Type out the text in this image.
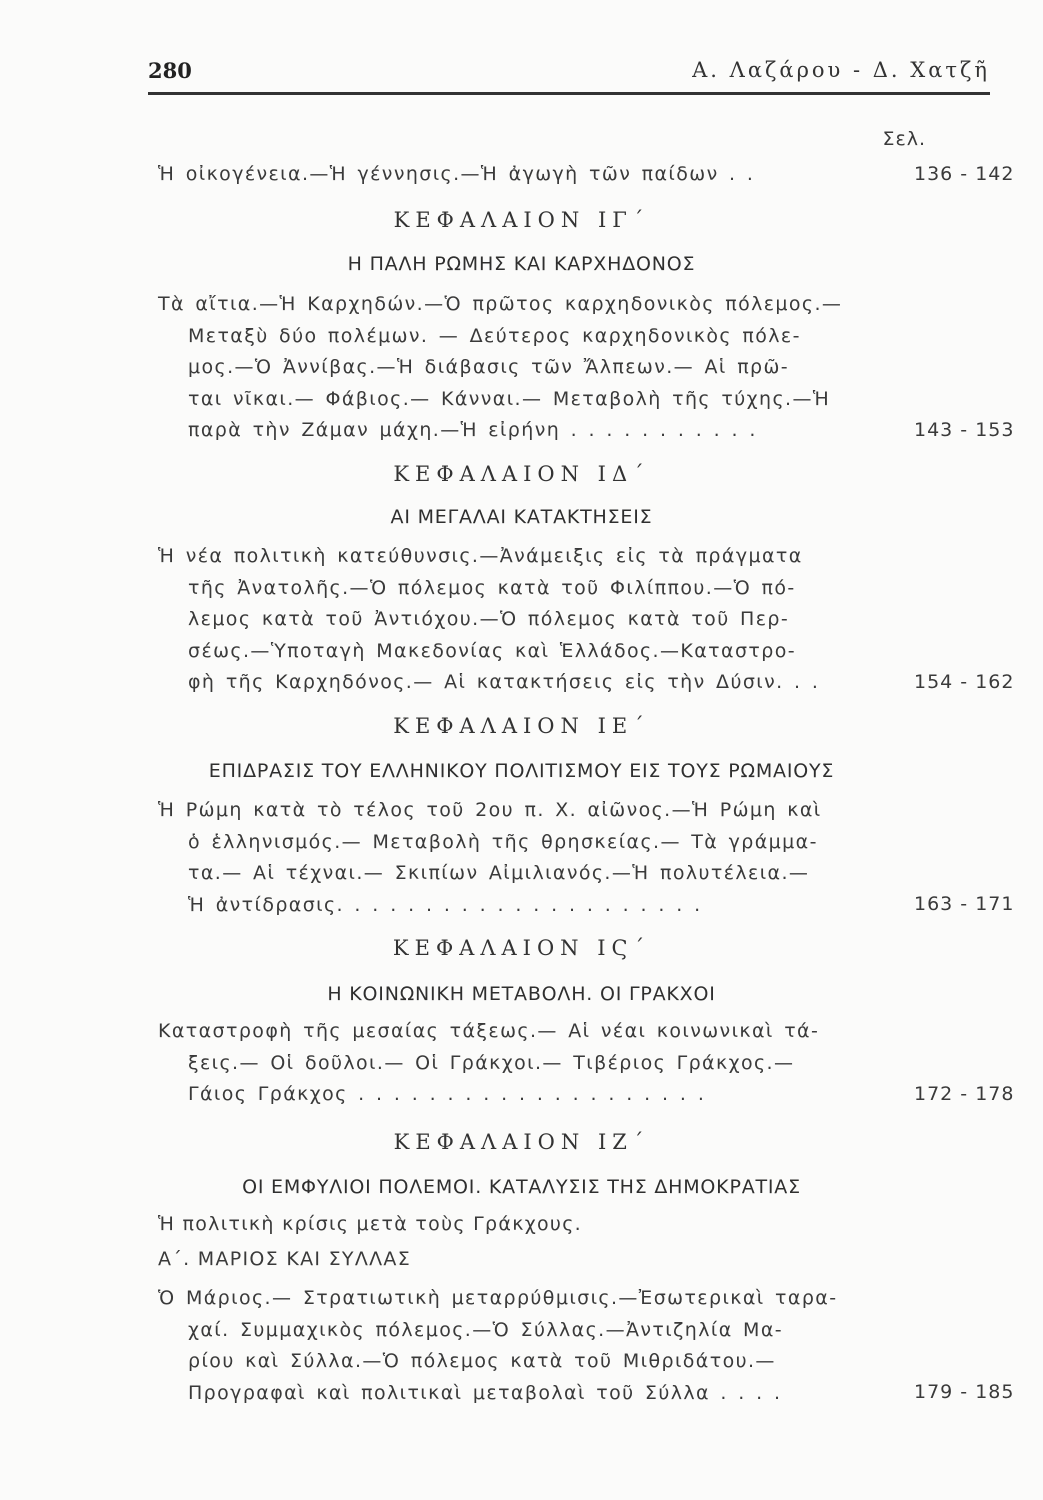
280	Α. Λαζάρου - Δ. Χατζῆ
Σελ.
Ἡ οἰκογένεια.—Ἡ γέννησις.—Ἡ ἀγωγὴ τῶν παίδων . .	136 - 142
ΚΕΦΑΛΑΙΟΝ ΙΓ΄
Η ΠΑΛΗ ΡΩΜΗΣ ΚΑΙ ΚΑΡΧΗΔΟΝΟΣ
Τὰ αἴτια.—Ἡ Καρχηδών.—Ὁ πρῶτος καρχηδονικὸς πόλεμος.—
Μεταξὺ δύο πολέμων. — Δεύτερος καρχηδονικὸς πόλε-
μος.—Ὁ Ἀννίβας.—Ἡ διάβασις τῶν Ἄλπεων.— Αἱ πρῶ-
ται νῖκαι.— Φάβιος.— Κάνναι.— Μεταβολὴ τῆς τύχης.—Ἡ
παρὰ τὴν Ζάμαν μάχη.—Ἡ εἰρήνη . . . . . . . . . . .	143 - 153
ΚΕΦΑΛΑΙΟΝ ΙΔ΄
ΑΙ ΜΕΓΑΛΑΙ ΚΑΤΑΚΤΗΣΕΙΣ
Ἡ νέα πολιτικὴ κατεύθυνσις.—Ἀνάμειξις εἰς τὰ πράγματα
τῆς Ἀνατολῆς.—Ὁ πόλεμος κατὰ τοῦ Φιλίππου.—Ὁ πό-
λεμος κατὰ τοῦ Ἀντιόχου.—Ὁ πόλεμος κατὰ τοῦ Περ-
σέως.—Ὑποταγὴ Μακεδονίας καὶ Ἑλλάδος.—Καταστρο-
φὴ τῆς Καρχηδόνος.— Αἱ κατακτήσεις εἰς τὴν Δύσιν. . .	154 - 162
ΚΕΦΑΛΑΙΟΝ ΙΕ΄
ΕΠΙΔΡΑΣΙΣ ΤΟΥ ΕΛΛΗΝΙΚΟΥ ΠΟΛΙΤΙΣΜΟΥ ΕΙΣ ΤΟΥΣ ΡΩΜΑΙΟΥΣ
Ἡ Ρώμη κατὰ τὸ τέλος τοῦ 2ου π. Χ. αἰῶνος.—Ἡ Ρώμη καὶ
ὁ ἑλληνισμός.— Μεταβολὴ τῆς θρησκείας.— Τὰ γράμμα-
τα.— Αἱ τέχναι.— Σκιπίων Αἰμιλιανός.—Ἡ πολυτέλεια.—
Ἡ ἀντίδρασις. . . . . . . . . . . . . . . . . . . . .	163 - 171
ΚΕΦΑΛΑΙΟΝ ΙϚ΄
Η ΚΟΙΝΩΝΙΚΗ ΜΕΤΑΒΟΛΗ. ΟΙ ΓΡΑΚΧΟΙ
Καταστροφὴ τῆς μεσαίας τάξεως.— Αἱ νέαι κοινωνικαὶ τά-
ξεις.— Οἱ δοῦλοι.— Οἱ Γράκχοι.— Τιβέριος Γράκχος.—
Γάιος Γράκχος . . . . . . . . . . . . . . . . . . . .	172 - 178
ΚΕΦΑΛΑΙΟΝ ΙΖ΄
ΟΙ ΕΜΦΥΛΙΟΙ ΠΟΛΕΜΟΙ. ΚΑΤΑΛΥΣΙΣ ΤΗΣ ΔΗΜΟΚΡΑΤΙΑΣ
Ἡ πολιτικὴ κρίσις μετὰ τοὺς Γράκχους.
Α΄. ΜΑΡΙΟΣ ΚΑΙ ΣΥΛΛΑΣ
Ὁ Μάριος.— Στρατιωτικὴ μεταρρύθμισις.—Ἐσωτερικαὶ ταρα-
χαί. Συμμαχικὸς πόλεμος.—Ὁ Σύλλας.—Ἀντιζηλία Μα-
ρίου καὶ Σύλλα.—Ὁ πόλεμος κατὰ τοῦ Μιθριδάτου.—
Προγραφαὶ καὶ πολιτικαὶ μεταβολαὶ τοῦ Σύλλα . . . .	179 - 185
